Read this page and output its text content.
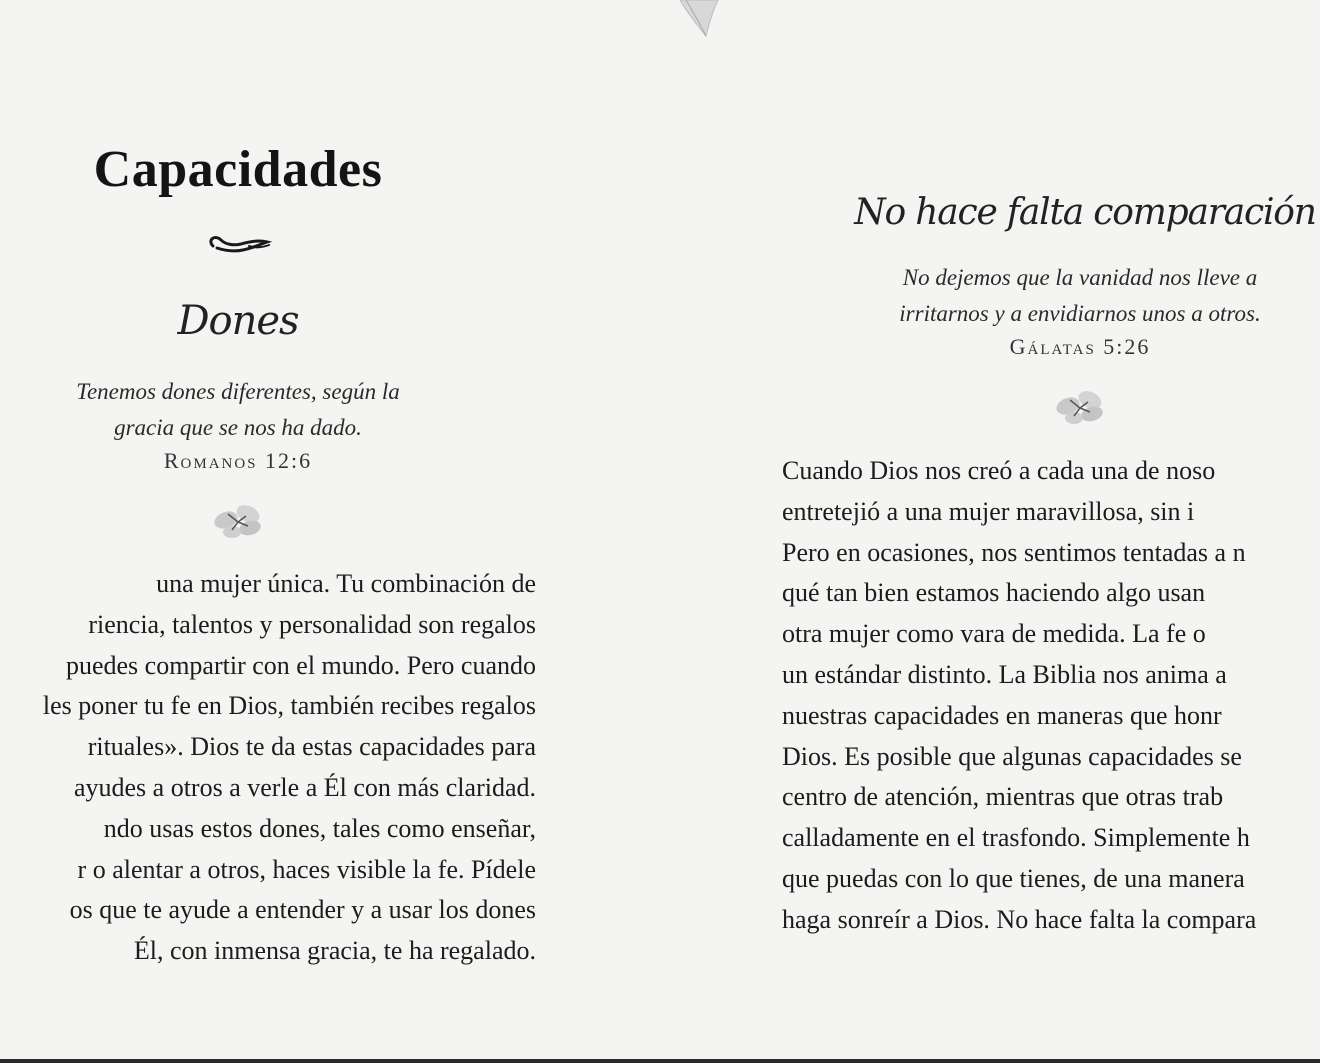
Capacidades
Dones
Tenemos dones diferentes, según la
gracia que se nos ha dado.
Romanos 12:6
una mujer única. Tu combinación de
riencia, talentos y personalidad son regalos
puedes compartir con el mundo. Pero cuando
les poner tu fe en Dios, también recibes regalos
rituales». Dios te da estas capacidades para
ayudes a otros a verle a Él con más claridad.
ndo usas estos dones, tales como enseñar,
r o alentar a otros, haces visible la fe. Pídele
os que te ayude a entender y a usar los dones
Él, con inmensa gracia, te ha regalado.
No hace falta comparación
No dejemos que la vanidad nos lleve a
irritarnos y a envidiarnos unos a otros.
Gálatas 5:26
Cuando Dios nos creó a cada una de noso
entretejió a una mujer maravillosa, sin i
Pero en ocasiones, nos sentimos tentadas a n
qué tan bien estamos haciendo algo usan
otra mujer como vara de medida. La fe o
un estándar distinto. La Biblia nos anima a
nuestras capacidades en maneras que honr
Dios. Es posible que algunas capacidades se
centro de atención, mientras que otras trab
calladamente en el trasfondo. Simplemente h
que puedas con lo que tienes, de una manera
haga sonreír a Dios. No hace falta la compara
